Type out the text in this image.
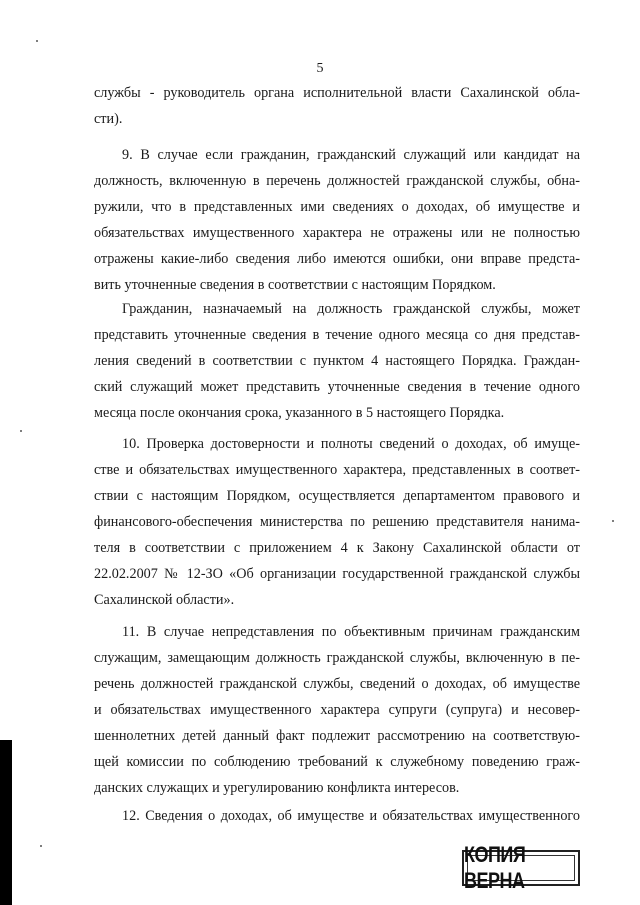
5
службы - руководитель органа исполнительной власти Сахалинской обла-
сти).
9. В случае если гражданин, гражданский служащий или кандидат на
должность, включенную в перечень должностей гражданской службы, обна-
ружили, что в представленных ими сведениях о доходах, об имуществе и
обязательствах имущественного характера не отражены или не полностью
отражены какие-либо сведения либо имеются ошибки, они вправе предста-
вить уточненные сведения в соответствии с настоящим Порядком.
Гражданин, назначаемый на должность гражданской службы, может
представить уточненные сведения в течение одного месяца со дня представ-
ления сведений в соответствии с пунктом 4 настоящего Порядка. Граждан-
ский служащий может представить уточненные сведения в течение одного
месяца после окончания срока, указанного в 5 настоящего Порядка.
10. Проверка достоверности и полноты сведений о доходах, об имуще-
стве и обязательствах имущественного характера, представленных в соответ-
ствии с настоящим Порядком, осуществляется департаментом правового и
финансового-обеспечения министерства по решению представителя нанима-
теля в соответствии с приложением 4 к Закону Сахалинской области от
22.02.2007 № 12-ЗО «Об организации государственной гражданской службы
Сахалинской области».
11. В случае непредставления по объективным причинам гражданским
служащим, замещающим должность гражданской службы, включенную в пе-
речень должностей гражданской службы, сведений о доходах, об имуществе
и обязательствах имущественного характера супруги (супруга) и несовер-
шеннолетних детей данный факт подлежит рассмотрению на соответствую-
щей комиссии по соблюдению требований к служебному поведению граж-
данских служащих и урегулированию конфликта интересов.
12. Сведения о доходах, об имуществе и обязательствах имущественного
КОПИЯ ВЕРНА
